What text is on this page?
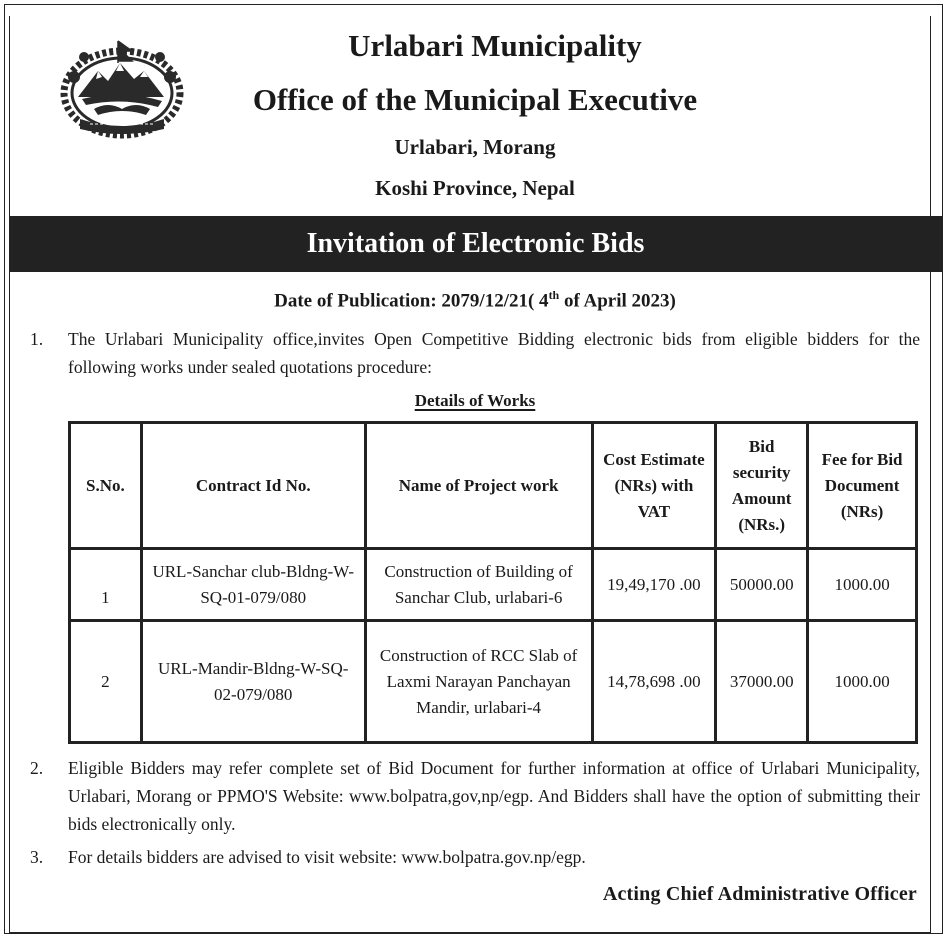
Urlabari Municipality
Office of the Municipal Executive
Urlabari, Morang
Koshi Province, Nepal
Invitation of Electronic Bids
Date of Publication: 2079/12/21( 4th of April 2023)
1. The Urlabari Municipality office,invites Open Competitive Bidding electronic bids from eligible bidders for the following works under sealed quotations procedure:
Details of Works
S.No.	Contract Id No.	Name of Project work	Cost Estimate (NRs) with VAT	Bid security Amount (NRs.)	Fee for Bid Document (NRs)
1	URL-Sanchar club-Bldng-W-SQ-01-079/080	Construction of Building of Sanchar Club, urlabari-6	19,49,170 .00	50000.00	1000.00
2	URL-Mandir-Bldng-W-SQ-02-079/080	Construction of RCC Slab of Laxmi Narayan Panchayan Mandir, urlabari-4	14,78,698 .00	37000.00	1000.00
2. Eligible Bidders may refer complete set of Bid Document for further information at office of Urlabari Municipality, Urlabari, Morang or PPMO'S Website: www.bolpatra,gov,np/egp. And Bidders shall have the option of submitting their bids electronically only.
3. For details bidders are advised to visit website: www.bolpatra.gov.np/egp.
Acting Chief Administrative Officer
